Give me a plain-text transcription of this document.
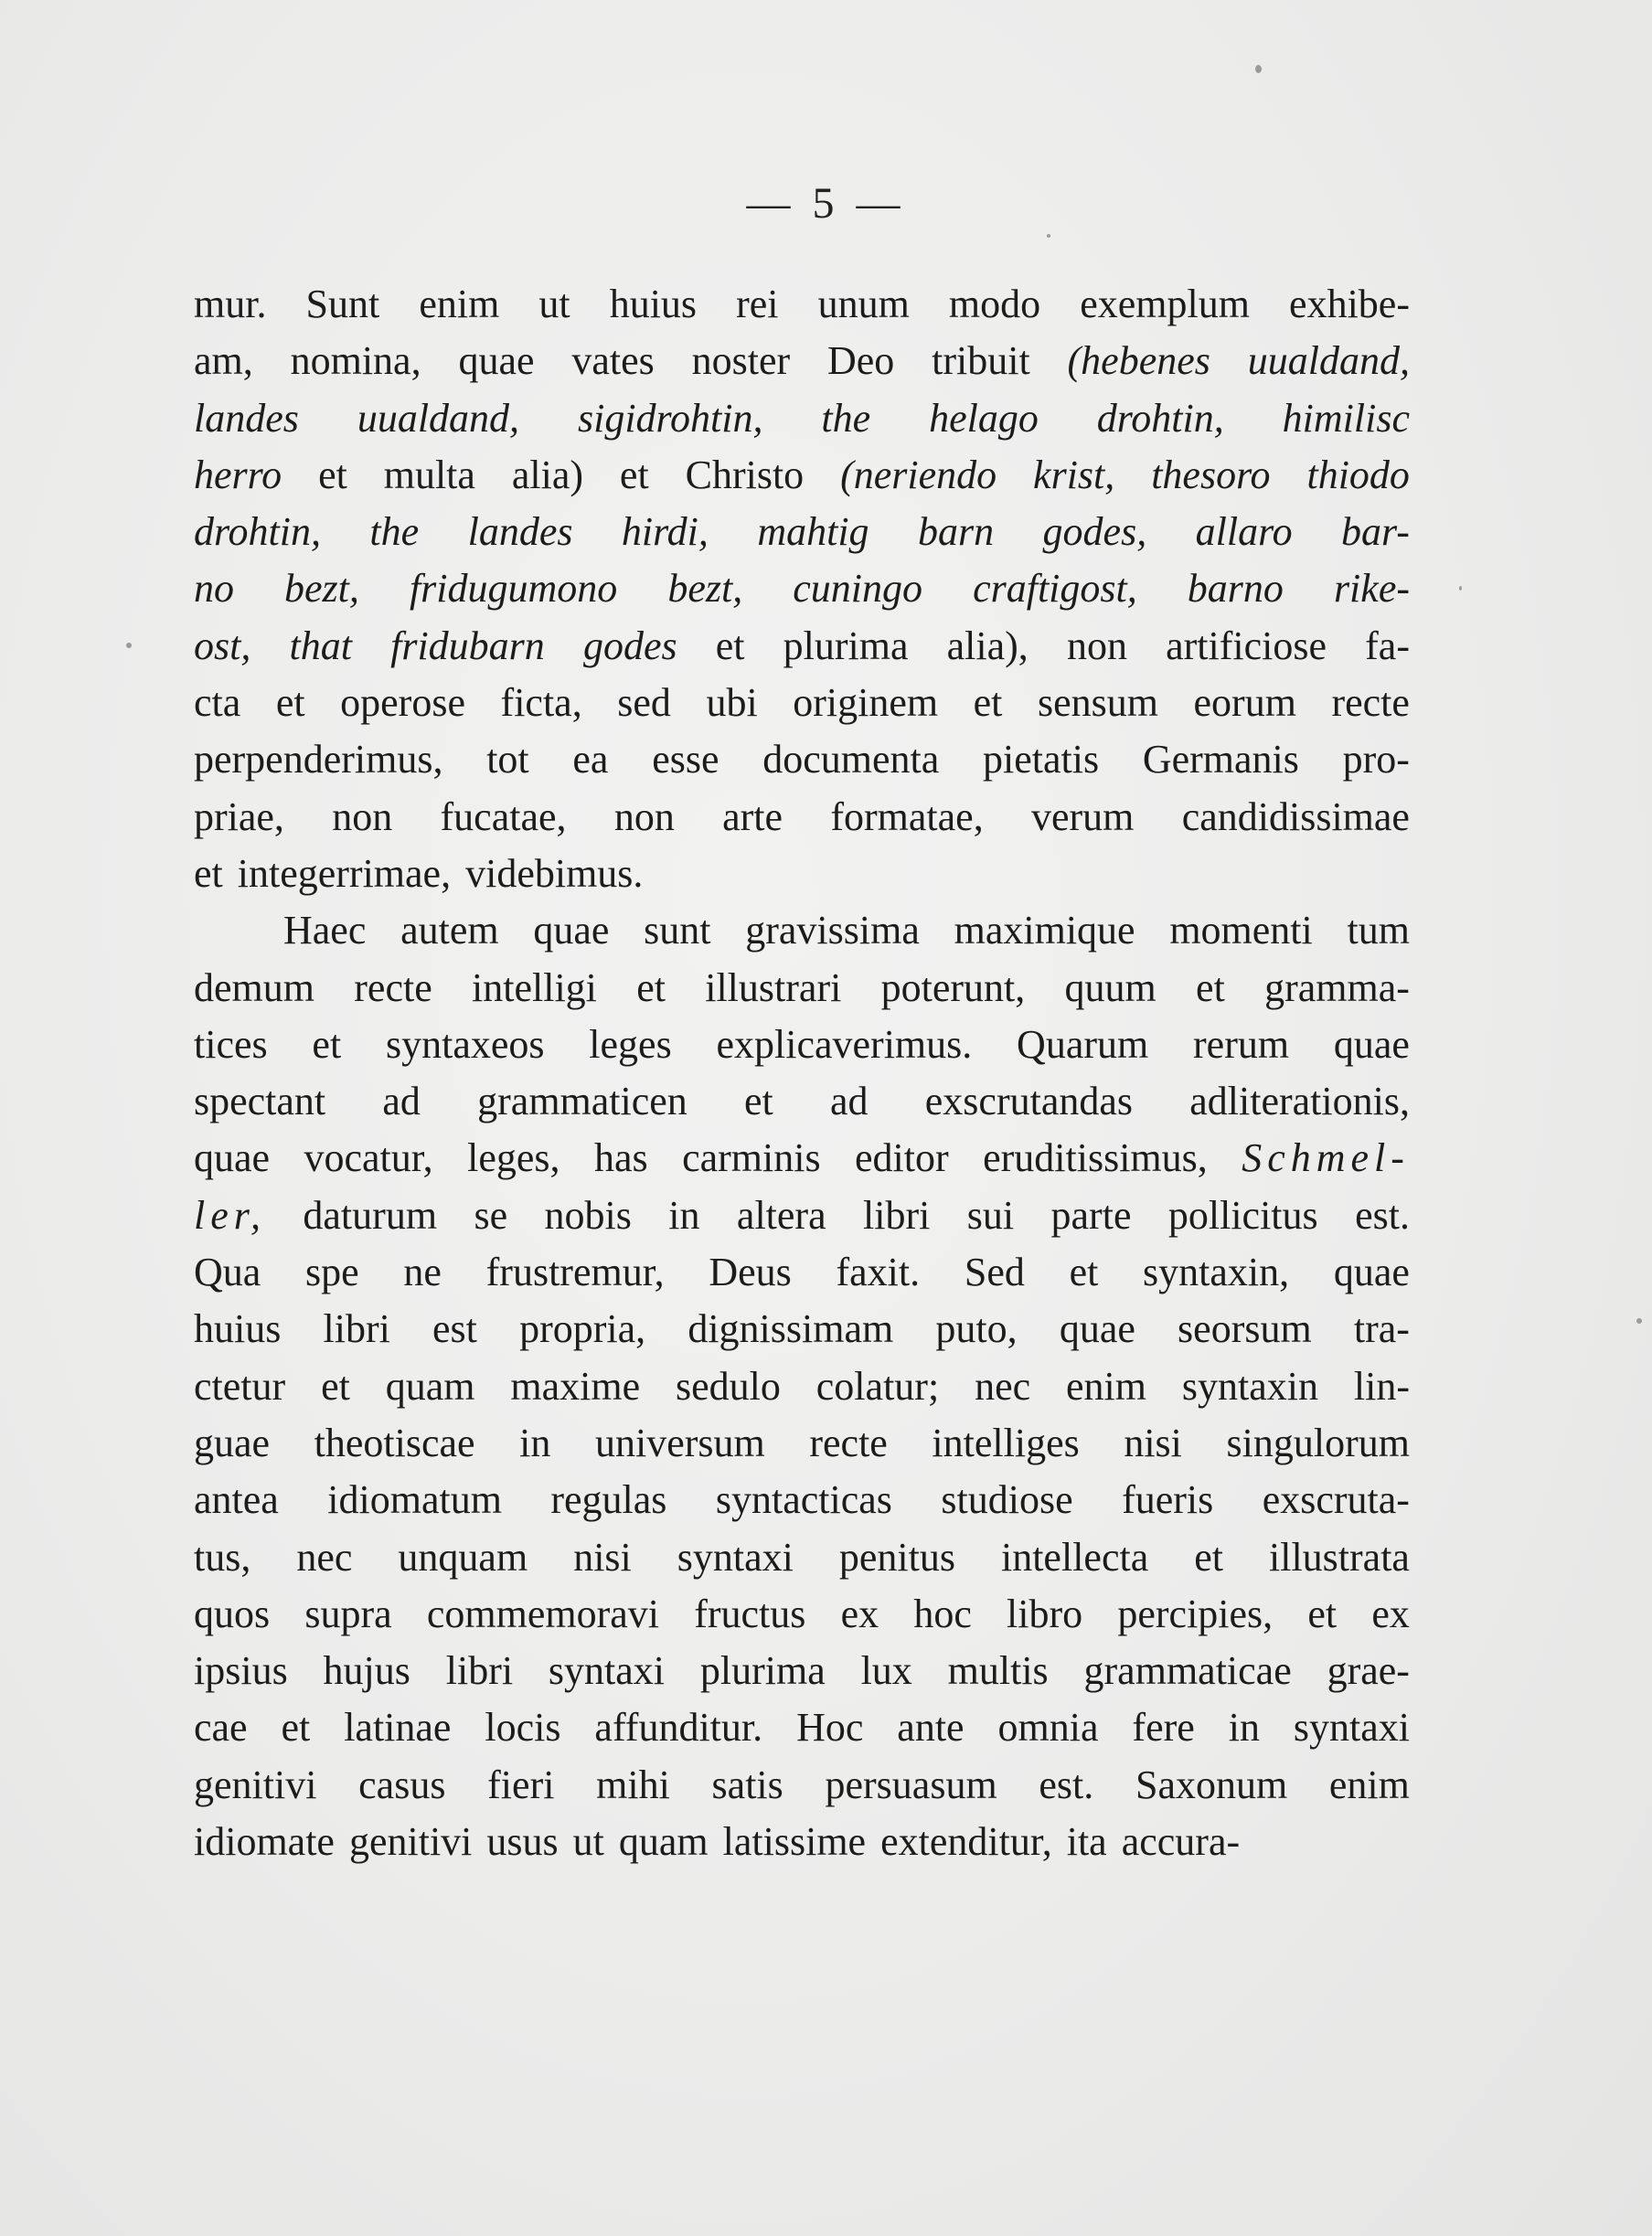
— 5 —
mur. Sunt enim ut huius rei unum modo exemplum exhibe-
am, nomina, quae vates noster Deo tribuit (hebenes uualdand,
landes uualdand, sigidrohtin, the helago drohtin, himilisc
herro et multa alia) et Christo (neriendo krist, thesoro thiodo
drohtin, the landes hirdi, mahtig barn godes, allaro bar-
no bezt, fridugumono bezt, cuningo craftigost, barno rike-
ost, that fridubarn godes et plurima alia), non artificiose fa-
cta et operose ficta, sed ubi originem et sensum eorum recte
perpenderimus, tot ea esse documenta pietatis Germanis pro-
priae, non fucatae, non arte formatae, verum candidissimae
et integerrimae, videbimus.
Haec autem quae sunt gravissima maximique momenti tum
demum recte intelligi et illustrari poterunt, quum et gramma-
tices et syntaxeos leges explicaverimus. Quarum rerum quae
spectant ad grammaticen et ad exscrutandas adliterationis,
quae vocatur, leges, has carminis editor eruditissimus, Schmel-
ler, daturum se nobis in altera libri sui parte pollicitus est.
Qua spe ne frustremur, Deus faxit. Sed et syntaxin, quae
huius libri est propria, dignissimam puto, quae seorsum tra-
ctetur et quam maxime sedulo colatur; nec enim syntaxin lin-
guae theotiscae in universum recte intelliges nisi singulorum
antea idiomatum regulas syntacticas studiose fueris exscruta-
tus, nec unquam nisi syntaxi penitus intellecta et illustrata
quos supra commemoravi fructus ex hoc libro percipies, et ex
ipsius hujus libri syntaxi plurima lux multis grammaticae grae-
cae et latinae locis affunditur. Hoc ante omnia fere in syntaxi
genitivi casus fieri mihi satis persuasum est. Saxonum enim
idiomate genitivi usus ut quam latissime extenditur, ita accura-
